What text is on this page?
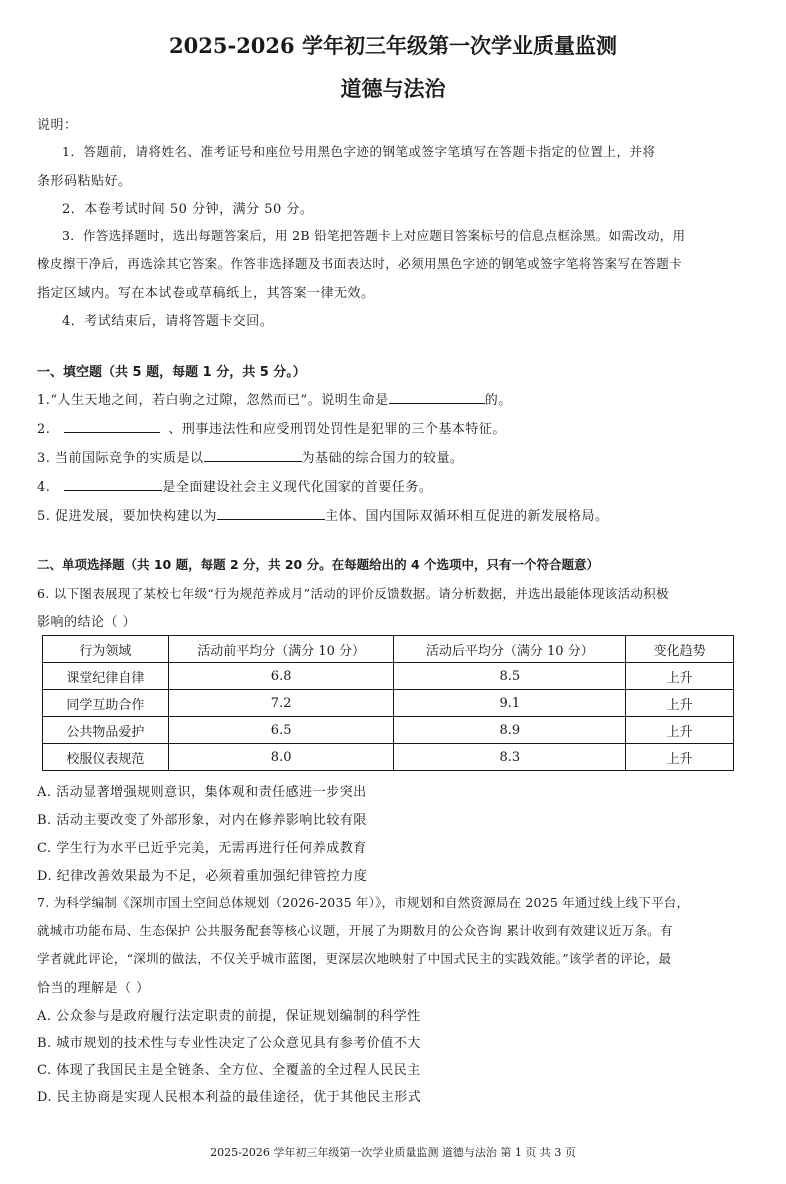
2025-2026 学年初三年级第一次学业质量监测
道德与法治
说明：
1．答题前，请将姓名、准考证号和座位号用黑色字迹的钢笔或签字笔填写在答题卡指定的位置上，并将
条形码粘贴好。
2．本卷考试时间 50 分钟，满分 50 分。
3．作答选择题时，选出每题答案后，用 2B 铅笔把答题卡上对应题目答案标号的信息点框涂黑。如需改动，用
橡皮擦干净后，再选涂其它答案。作答非选择题及书面表达时，必须用黑色字迹的钢笔或签字笔将答案写在答题卡
指定区域内。写在本试卷或草稿纸上，其答案一律无效。
4．考试结束后，请将答题卡交回。
一、填空题（共 5 题，每题 1 分，共 5 分。）
1.“人生天地之间，若白驹之过隙，忽然而已”。说明生命是	的。
2.	、刑事违法性和应受刑罚处罚性是犯罪的三个基本特征。
3. 当前国际竞争的实质是以	为基础的综合国力的较量。
4.	是全面建设社会主义现代化国家的首要任务。
5. 促进发展，要加快构建以为	主体、国内国际双循环相互促进的新发展格局。
二、单项选择题（共 10 题，每题 2 分，共 20 分。在每题给出的 4 个选项中，只有一个符合题意）
6. 以下图表展现了某校七年级“行为规范养成月”活动的评价反馈数据。请分析数据，并选出最能体现该活动积极
影响的结论（ ）
行为领域	活动前平均分（满分 10 分）	活动后平均分（满分 10 分）	变化趋势
课堂纪律自律	6.8	8.5	上升
同学互助合作	7.2	9.1	上升
公共物品爱护	6.5	8.9	上升
校服仪表规范	8.0	8.3	上升
A. 活动显著增强规则意识，集体观和责任感进一步突出
B. 活动主要改变了外部形象，对内在修养影响比较有限
C. 学生行为水平已近乎完美，无需再进行任何养成教育
D. 纪律改善效果最为不足，必须着重加强纪律管控力度
7. 为科学编制《深圳市国土空间总体规划（2026-2035 年）》，市规划和自然资源局在 2025 年通过线上线下平台，
就城市功能布局、生态保护 公共服务配套等核心议题，开展了为期数月的公众咨询 累计收到有效建议近万条。有
学者就此评论，“深圳的做法，不仅关乎城市蓝图，更深层次地映射了中国式民主的实践效能。”该学者的评论，最
恰当的理解是（ ）
A. 公众参与是政府履行法定职责的前提，保证规划编制的科学性
B. 城市规划的技术性与专业性决定了公众意见具有参考价值不大
C. 体现了我国民主是全链条、全方位、全覆盖的全过程人民民主
D. 民主协商是实现人民根本利益的最佳途径，优于其他民主形式
2025-2026 学年初三年级第一次学业质量监测 道德与法治 第 1 页 共 3 页
